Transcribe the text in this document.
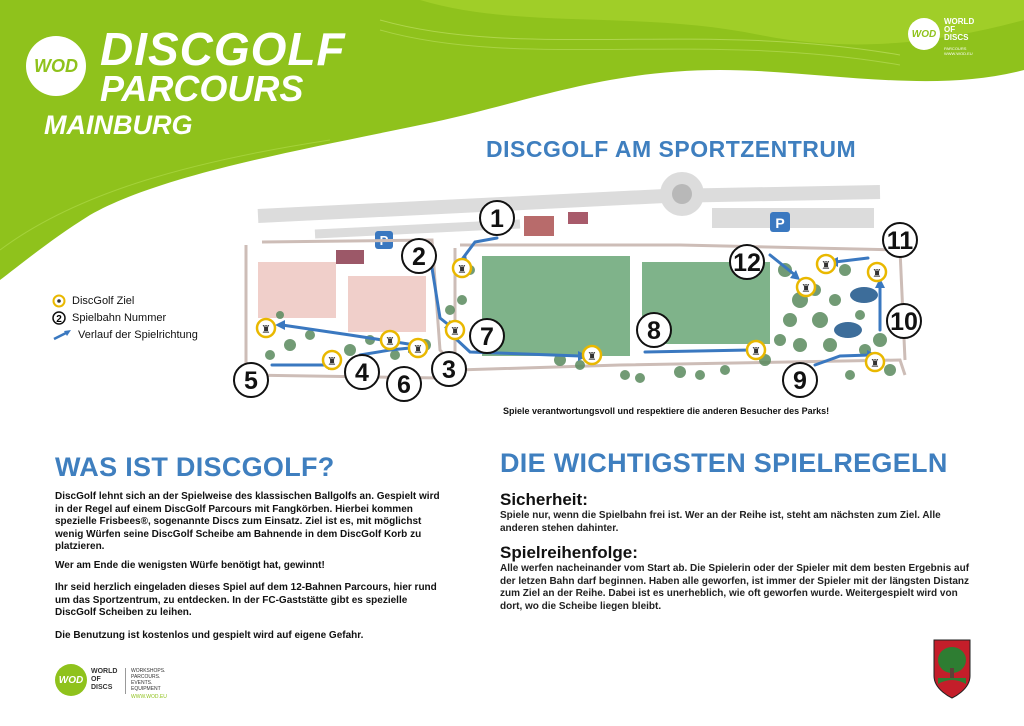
WOD DISCGOLF
PARCOURS
MAINBURG
WOD
WORLD
OF
DISCS
PARCOURS
WWW.WOD.EU
DISCGOLF AM SPORTZENTRUM
P
P
♜
♜
♜
♜
♜
♜
♜	♜
♜
♜
♜
♜
1
2
3
4
5	6
7	8
9
10
11
12
DiscGolf Ziel
2 Spielbahn Nummer
Verlauf der Spielrichtung
Spiele verantwortungsvoll und respektiere die anderen Besucher des Parks!
WAS IST DISCGOLF?
DiscGolf lehnt sich an der Spielweise des klassischen Ballgolfs an. Gespielt wird in der Regel auf einem DiscGolf Parcours mit Fangkörben. Hierbei kommen spezielle Frisbees®, sogenannte Discs zum Einsatz. Ziel ist es, mit möglichst wenig Würfen seine DiscGolf Scheibe am Bahnende in dem DiscGolf Korb zu platzieren.
Wer am Ende die wenigsten Würfe benötigt hat, gewinnt!
Ihr seid herzlich eingeladen dieses Spiel auf dem 12-Bahnen Parcours, hier rund um das Sportzentrum, zu entdecken. In der FC-Gaststätte gibt es spezielle DiscGolf Scheiben zu leihen.
Die Benutzung ist kostenlos und gespielt wird auf eigene Gefahr.
DIE WICHTIGSTEN SPIELREGELN
Sicherheit:
Spiele nur, wenn die Spielbahn frei ist. Wer an der Reihe ist, steht am nächsten zum Ziel. Alle anderen stehen dahinter.
Spielreihenfolge:
Alle werfen nacheinander vom Start ab. Die Spielerin oder der Spieler mit dem besten Ergebnis auf der letzen Bahn darf beginnen. Haben alle geworfen, ist immer der Spieler mit der längsten Distanz zum Ziel an der Reihe. Dabei ist es unerheblich, wie oft geworfen wurde. Weitergespielt wird von dort, wo die Scheibe liegen bleibt.
WOD
WORLD
OF
DISCS
WORKSHOPS.
PARCOURS.
EVENTS.
EQUIPMENT
WWW.WOD.EU
